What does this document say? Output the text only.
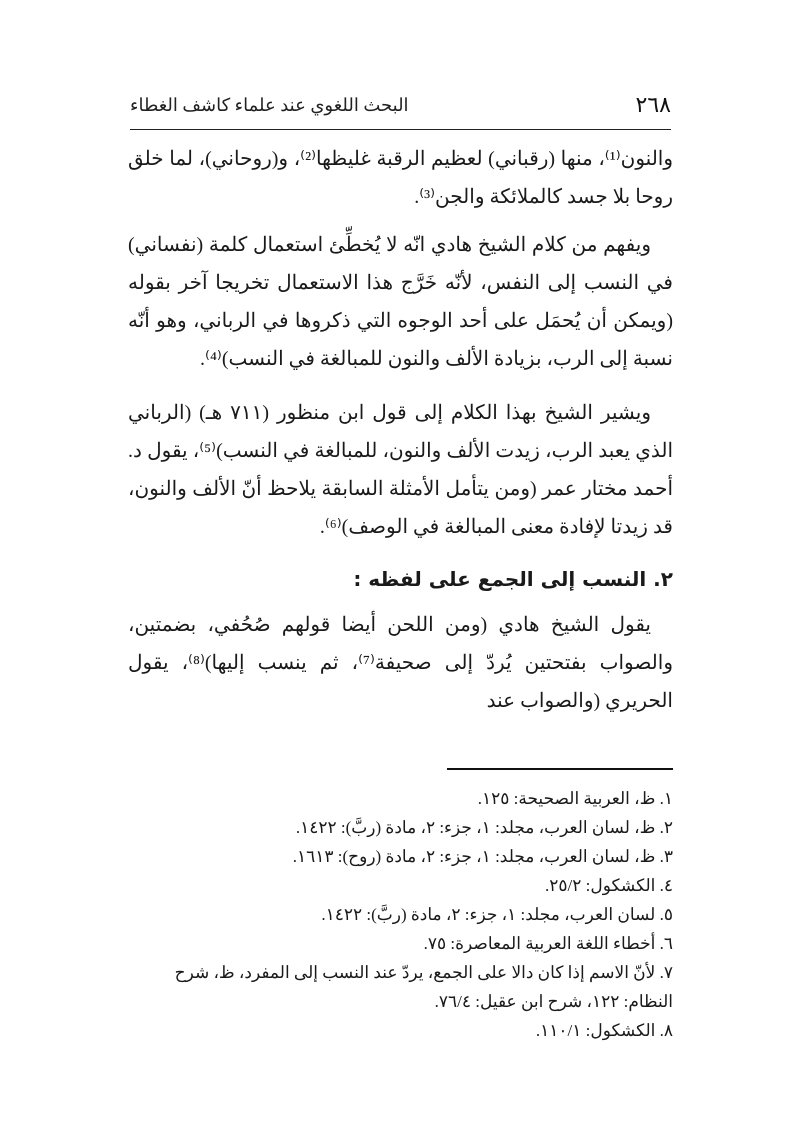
٢٦٨
البحث اللغوي عند علماء كاشف الغطاء

والنون⁽¹⁾، منها (رقباني) لعظيم الرقبة غليظها⁽²⁾، و(روحاني)، لما خلق روحا بلا جسد كالملائكة والجن⁽³⁾.

ويفهم من كلام الشيخ هادي انّه لا يُخطِّئ استعمال كلمة (نفساني) في النسب إلى النفس، لأنّه خَرَّج هذا الاستعمال تخريجا آخر بقوله (ويمكن أن يُحمَل على أحد الوجوه التي ذكروها في الرباني، وهو أنّه نسبة إلى الرب، بزيادة الألف والنون للمبالغة في النسب)⁽⁴⁾.

ويشير الشيخ بهذا الكلام إلى قول ابن منظور (٧١١ هـ) (الرباني الذي يعبد الرب، زيدت الألف والنون، للمبالغة في النسب)⁽⁵⁾، يقول د. أحمد مختار عمر (ومن يتأمل الأمثلة السابقة يلاحظ أنّ الألف والنون، قد زيدتا لإفادة معنى المبالغة في الوصف)⁽⁶⁾.

٢. النسب إلى الجمع على لفظه :

يقول الشيخ هادي (ومن اللحن أيضا قولهم صُحُفي، بضمتين، والصواب بفتحتين يُردّ إلى صحيفة⁽⁷⁾، ثم ينسب إليها)⁽⁸⁾، يقول الحريري (والصواب عند

١. ظ، العربية الصحيحة: ١٢٥.

٢. ظ، لسان العرب، مجلد: ١، جزء: ٢، مادة (ربَّ): ١٤٢٢.

٣. ظ، لسان العرب، مجلد: ١، جزء: ٢، مادة (روح): ١٦١٣.

٤. الكشكول: ٢٥/٢.

٥. لسان العرب، مجلد: ١، جزء: ٢، مادة (ربَّ): ١٤٢٢.

٦. أخطاء اللغة العربية المعاصرة: ٧٥.

٧. لأنّ الاسم إذا كان دالا على الجمع، يردّ عند النسب إلى المفرد، ظ، شرح النظام: ١٢٢، شرح ابن عقيل: ٧٦/٤.

٨. الكشكول: ١١٠/١.
